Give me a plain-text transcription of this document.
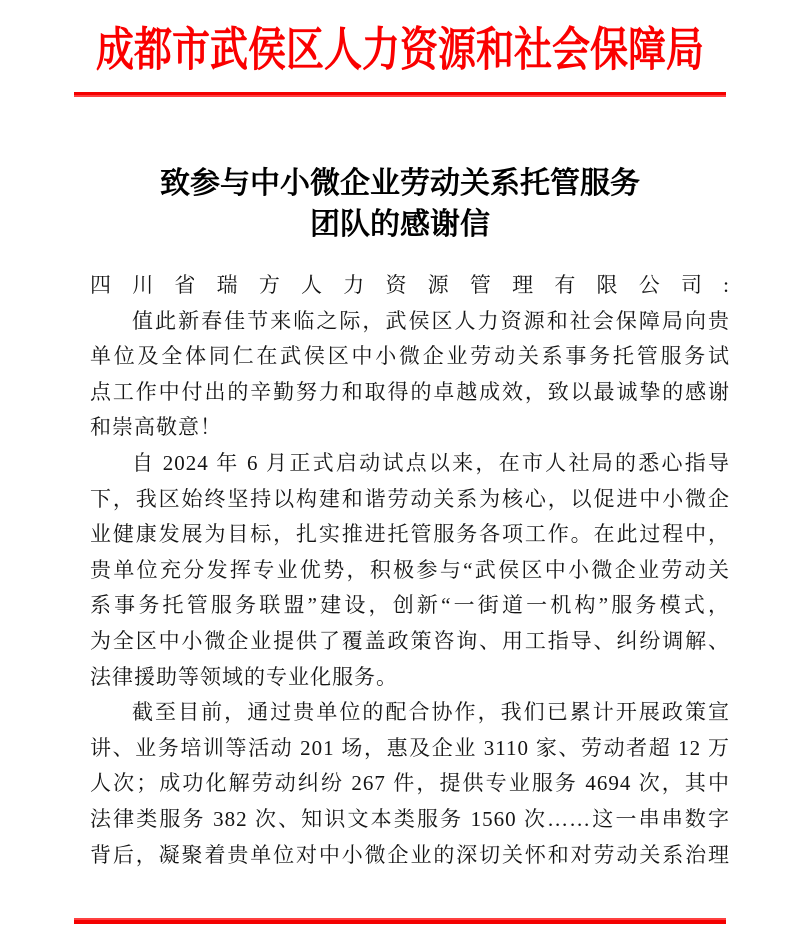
成都市武侯区人力资源和社会保障局
致参与中小微企业劳动关系托管服务
团队的感谢信
四川省瑞方人力资源管理有限公司:
值此新春佳节来临之际，武侯区人力资源和社会保障局向贵
单位及全体同仁在武侯区中小微企业劳动关系事务托管服务试
点工作中付出的辛勤努力和取得的卓越成效，致以最诚挚的感谢
和崇高敬意！
自 2024 年 6 月正式启动试点以来，在市人社局的悉心指导
下，我区始终坚持以构建和谐劳动关系为核心，以促进中小微企
业健康发展为目标，扎实推进托管服务各项工作。在此过程中，
贵单位充分发挥专业优势，积极参与“武侯区中小微企业劳动关
系事务托管服务联盟”建设，创新“一街道一机构”服务模式，
为全区中小微企业提供了覆盖政策咨询、用工指导、纠纷调解、
法律援助等领域的专业化服务。
截至目前，通过贵单位的配合协作，我们已累计开展政策宣
讲、业务培训等活动 201 场，惠及企业 3110 家、劳动者超 12 万
人次；成功化解劳动纠纷 267 件，提供专业服务 4694 次，其中
法律类服务 382 次、知识文本类服务 1560 次……这一串串数字
背后，凝聚着贵单位对中小微企业的深切关怀和对劳动关系治理
